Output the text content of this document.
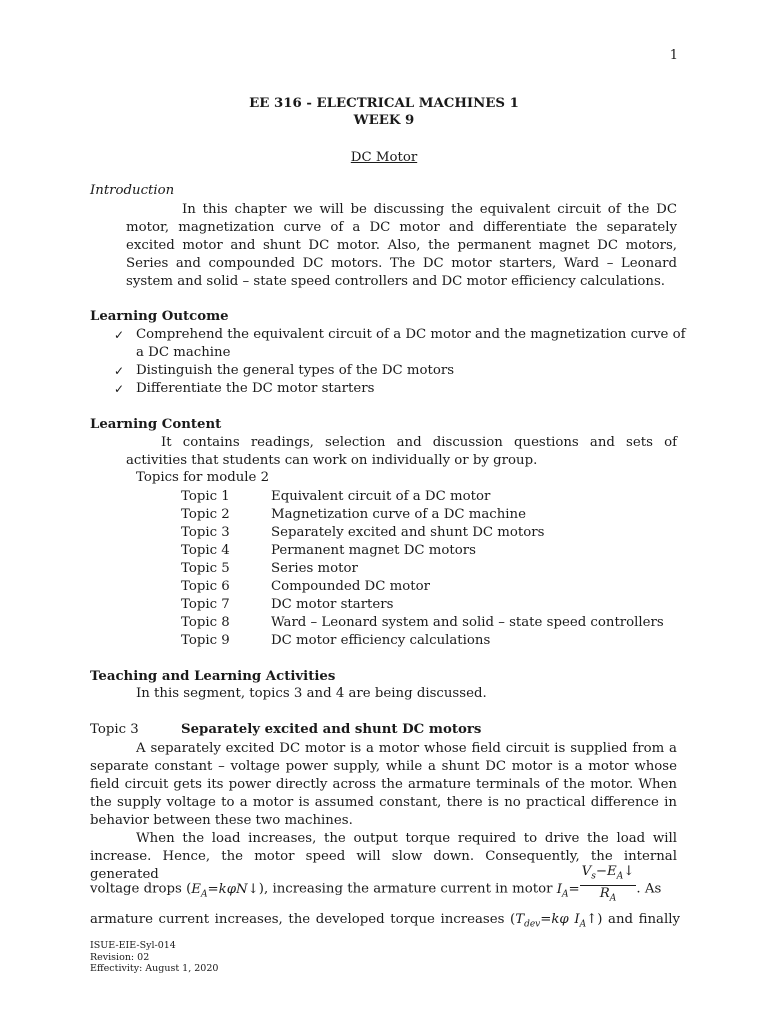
1
EE 316 - ELECTRICAL MACHINES 1
WEEK 9
DC Motor
Introduction

In this chapter we will be discussing the equivalent circuit of the DC motor, magnetization curve of a DC motor and differentiate the separately excited motor and shunt DC motor. Also, the permanent magnet DC motors, Series and compounded DC motors. The DC motor starters, Ward – Leonard system and solid – state speed controllers and DC motor efficiency calculations.

Learning Outcome
✓ Comprehend the equivalent circuit of a DC motor and the magnetization curve of a DC machine
✓ Distinguish the general types of the DC motors
✓ Differentiate the DC motor starters
Learning Content

It contains readings, selection and discussion questions and sets of activities that students can work on individually or by group.

Topics for module 2
Topic 1	Equivalent circuit of a DC motor
Topic 2	Magnetization curve of a DC machine
Topic 3	Separately excited and shunt DC motors
Topic 4	Permanent magnet DC motors
Topic 5	Series motor
Topic 6	Compounded DC motor
Topic 7	DC motor starters
Topic 8	Ward – Leonard system and solid – state speed controllers
Topic 9	DC motor efficiency calculations
Teaching and Learning Activities
In this segment, topics 3 and 4 are being discussed.
Topic 3	Separately excited and shunt DC motors

A separately excited DC motor is a motor whose field circuit is supplied from a separate constant – voltage power supply, while a shunt DC motor is a motor whose field circuit gets its power directly across the armature terminals of the motor. When the supply voltage to a motor is assumed constant, there is no practical difference in behavior between these two machines.

When the load increases, the output torque required to drive the load will increase. Hence, the motor speed will slow down. Consequently, the internal generated

voltage drops $(E_A=k\varphi N↓)$, increasing the armature current in motor $I_A= \frac{V_s-E_A↓}{R_A}$ . As
armature current increases, the developed torque increases ($T_{dev}=k\varphi$ $I_A↑$) and finally
ISUE-EIE-Syl-014
Revision: 02
Effectivity: August 1, 2020
